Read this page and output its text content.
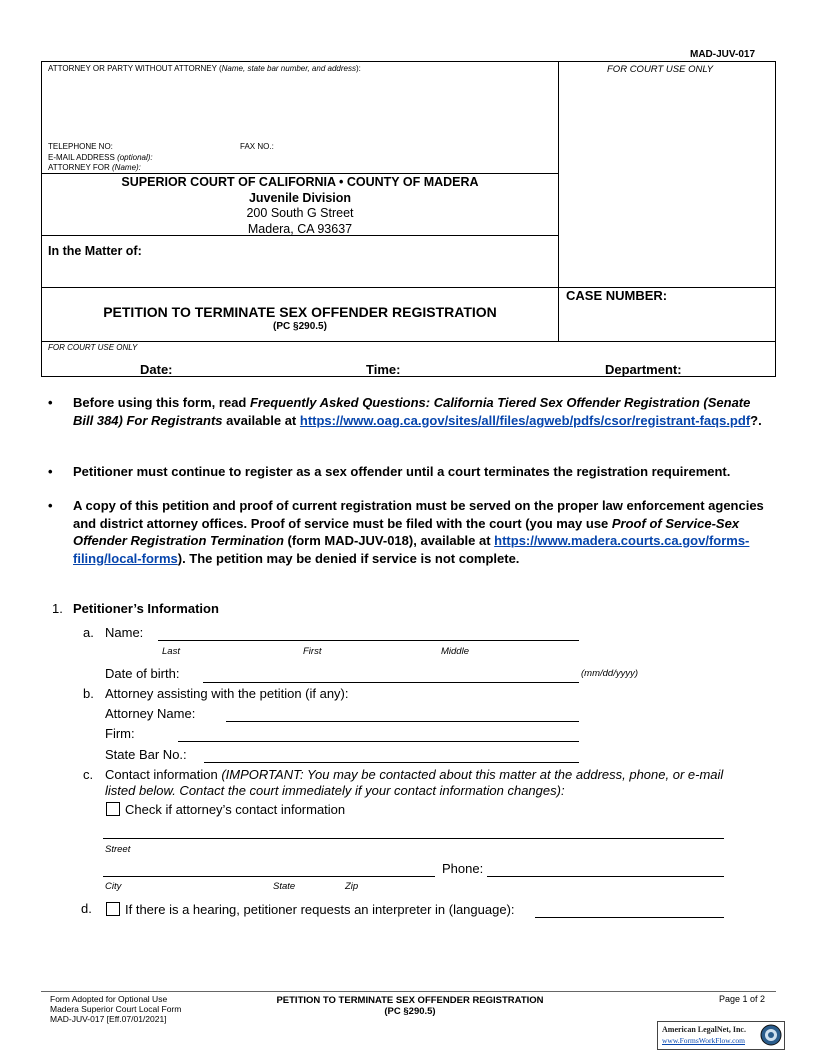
MAD-JUV-017
ATTORNEY OR PARTY WITHOUT ATTORNEY (Name, state bar number, and address):	FOR COURT USE ONLY
TELEPHONE NO:	FAX NO.:
E-MAIL ADDRESS (optional):
ATTORNEY FOR (Name):
SUPERIOR COURT OF CALIFORNIA • COUNTY OF MADERA
Juvenile Division
200 South G Street
Madera, CA 93637
In the Matter of:
CASE NUMBER:
PETITION TO TERMINATE SEX OFFENDER REGISTRATION
(PC §290.5)
FOR COURT USE ONLY
Date:	Time:	Department:
• Before using this form, read Frequently Asked Questions: California Tiered Sex Offender Registration (Senate Bill 384) For Registrants available at https://www.oag.ca.gov/sites/all/files/agweb/pdfs/csor/registrant-faqs.pdf?.
• Petitioner must continue to register as a sex offender until a court terminates the registration requirement.
• A copy of this petition and proof of current registration must be served on the proper law enforcement agencies and district attorney offices. Proof of service must be filed with the court (you may use Proof of Service-Sex Offender Registration Termination (form MAD-JUV-018), available at https://www.madera.courts.ca.gov/forms-filing/local-forms). The petition may be denied if service is not complete.
1. Petitioner’s Information
a. Name:
Last	First	Middle
Date of birth:	(mm/dd/yyyy)
b. Attorney assisting with the petition (if any):
Attorney Name:
Firm:
State Bar No.:
c. Contact information (IMPORTANT: You may be contacted about this matter at the address, phone, or e-mail listed below. Contact the court immediately if your contact information changes):
Check if attorney’s contact information
Street
Phone:
City	State	Zip
d.	If there is a hearing, petitioner requests an interpreter in (language):
Form Adopted for Optional Use
Madera Superior Court Local Form
MAD-JUV-017 [Eff.07/01/2021]
PETITION TO TERMINATE SEX OFFENDER REGISTRATION
(PC §290.5)
Page 1 of 2
American LegalNet, Inc.
www.FormsWorkFlow.com
